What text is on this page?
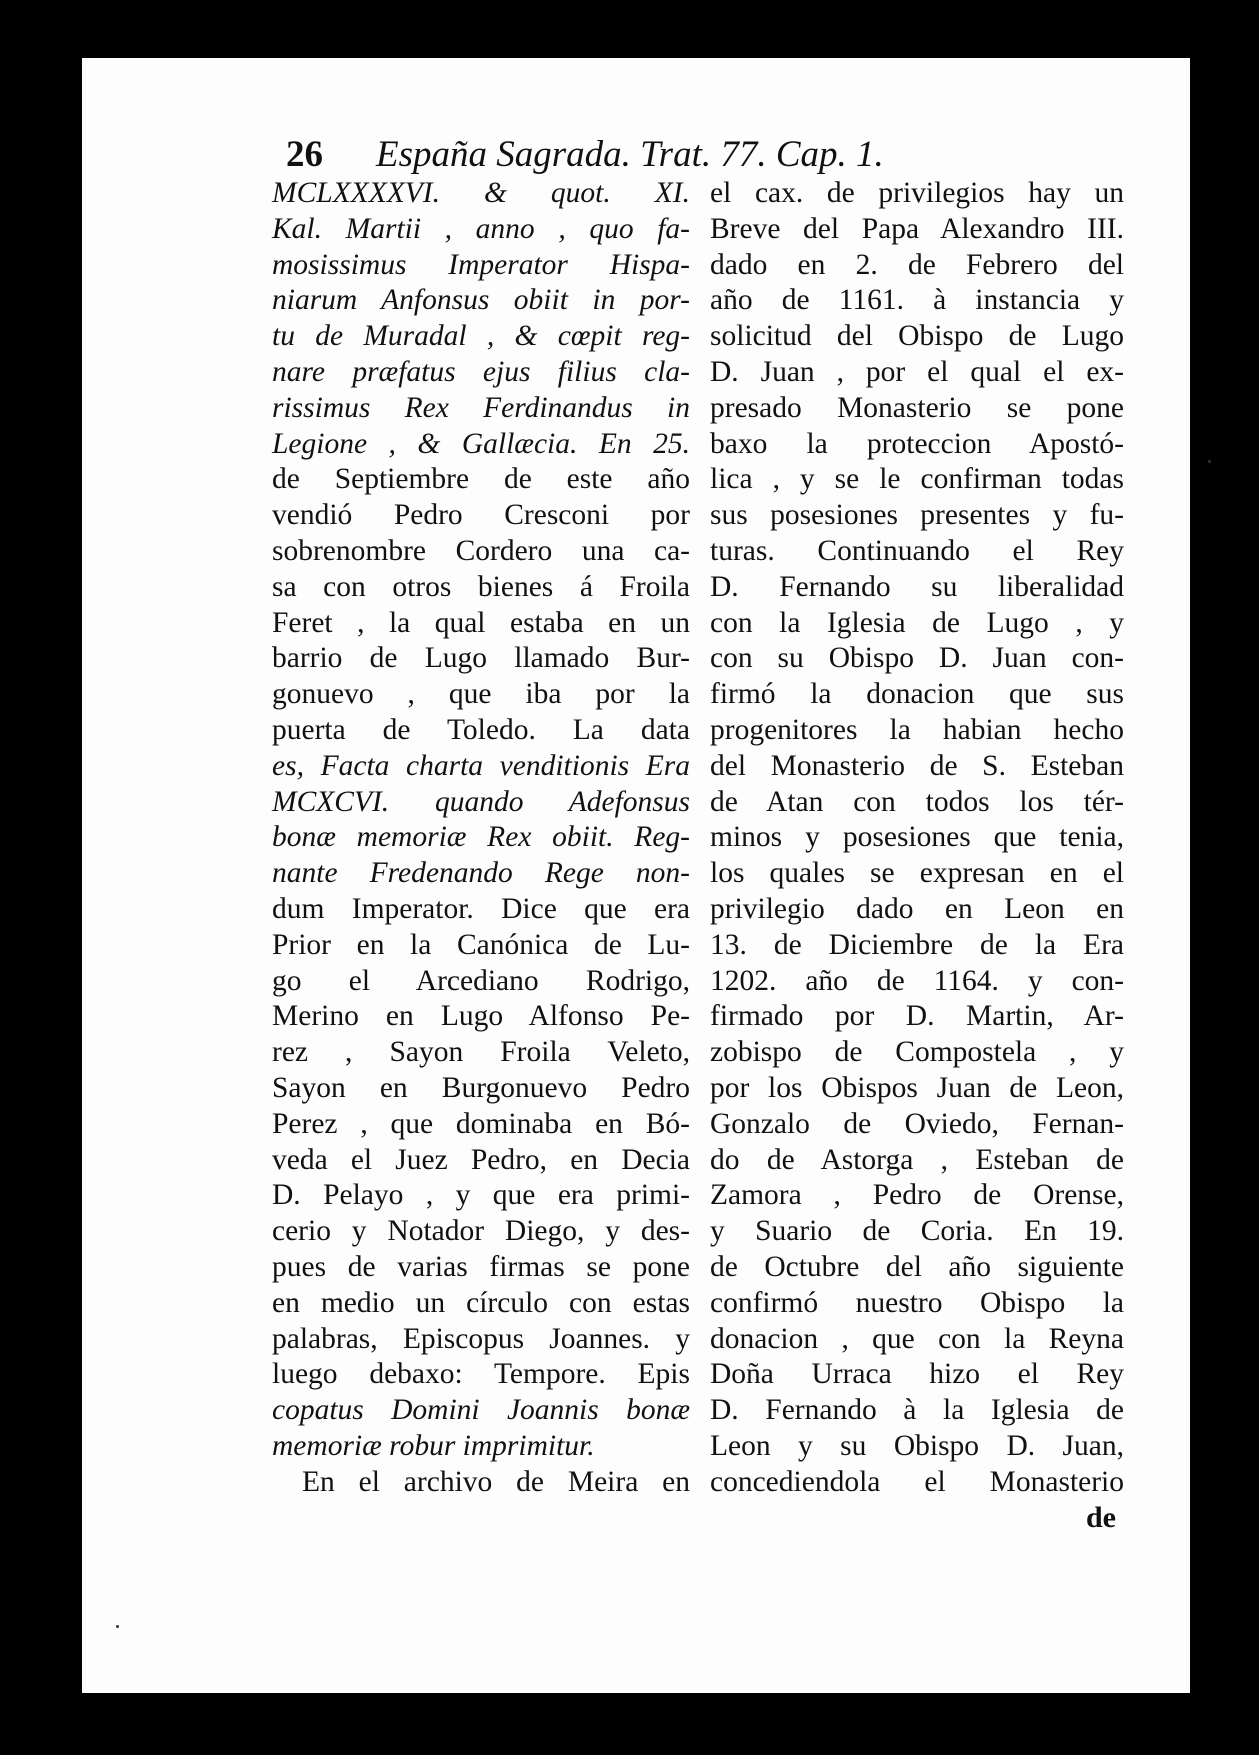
26 España Sagrada. Trat. 77. Cap. 1.
MCLXXXXVI. & quot. XI.
Kal. Martii , anno , quo fa-
mosissimus Imperator Hispa-
niarum Anfonsus obiit in por-
tu de Muradal , & cœpit reg-
nare præfatus ejus filius cla-
rissimus Rex Ferdinandus in
Legione , & Gallæcia. En 25.
de Septiembre de este año
vendió Pedro Cresconi por
sobrenombre Cordero una ca-
sa con otros bienes á Froila
Feret , la qual estaba en un
barrio de Lugo llamado Bur-
gonuevo , que iba por la
puerta de Toledo. La data
es, Facta charta venditionis Era
MCXCVI. quando Adefonsus
bonæ memoriæ Rex obiit. Reg-
nante Fredenando Rege non-
dum Imperator. Dice que era
Prior en la Canónica de Lu-
go el Arcediano Rodrigo,
Merino en Lugo Alfonso Pe-
rez , Sayon Froila Veleto,
Sayon en Burgonuevo Pedro
Perez , que dominaba en Bó-
veda el Juez Pedro, en Decia
D. Pelayo , y que era primi-
cerio y Notador Diego, y des-
pues de varias firmas se pone
en medio un círculo con estas
palabras, Episcopus Joannes. y
luego debaxo: Tempore. Epis
copatus Domini Joannis bonæ
memoriæ robur imprimitur.
En el archivo de Meira en
el cax. de privilegios hay un
Breve del Papa Alexandro III.
dado en 2. de Febrero del
año de 1161. à instancia y
solicitud del Obispo de Lugo
D. Juan , por el qual el ex-
presado Monasterio se pone
baxo la proteccion Apostó-
lica , y se le confirman todas
sus posesiones presentes y fu-
turas. Continuando el Rey
D. Fernando su liberalidad
con la Iglesia de Lugo , y
con su Obispo D. Juan con-
firmó la donacion que sus
progenitores la habian hecho
del Monasterio de S. Esteban
de Atan con todos los tér-
minos y posesiones que tenia,
los quales se expresan en el
privilegio dado en Leon en
13. de Diciembre de la Era
1202. año de 1164. y con-
firmado por D. Martin, Ar-
zobispo de Compostela , y
por los Obispos Juan de Leon,
Gonzalo de Oviedo, Fernan-
do de Astorga , Esteban de
Zamora , Pedro de Orense,
y Suario de Coria. En 19.
de Octubre del año siguiente
confirmó nuestro Obispo la
donacion , que con la Reyna
Doña Urraca hizo el Rey
D. Fernando à la Iglesia de
Leon y su Obispo D. Juan,
concediendola el Monasterio
de
